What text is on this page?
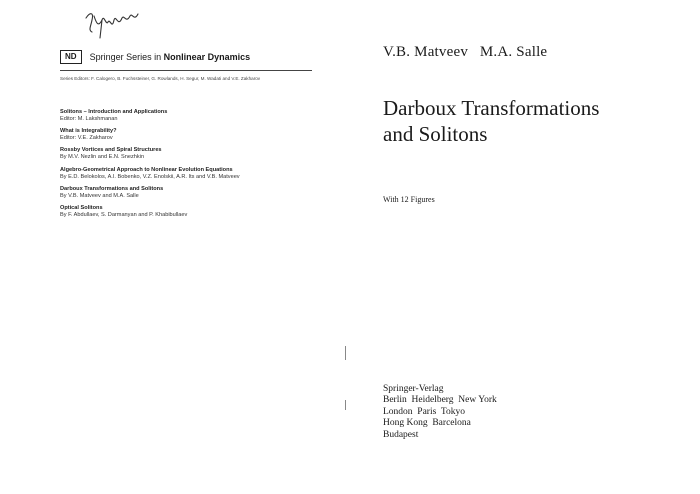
ND	Springer Series in Nonlinear Dynamics
Series Editors: F. Calogero, B. Fuchssteiner, G. Rowlands, H. Segur, M. Wadati and V.E. Zakharov
Solitons – Introduction and Applications
Editor: M. Lakshmanan
What is Integrability?
Editor: V.E. Zakharov
Rossby Vortices and Spiral Structures
By M.V. Nezlin and E.N. Snezhkin
Algebro-Geometrical Approach to Nonlinear Evolution Equations
By E.D. Belokolos, A.I. Bobenko, V.Z. Enolskii, A.R. Its and V.B. Matveev
Darboux Transformations and Solitons
By V.B. Matveev and M.A. Salle
Optical Solitons
By F. Abdullaev, S. Darmanyan and P. Khabibullaev
V.B. Matveev   M.A. Salle
Darboux Transformations
and Solitons
With 12 Figures
Springer-Verlag
Berlin  Heidelberg  New York
London  Paris  Tokyo
Hong Kong  Barcelona
Budapest
